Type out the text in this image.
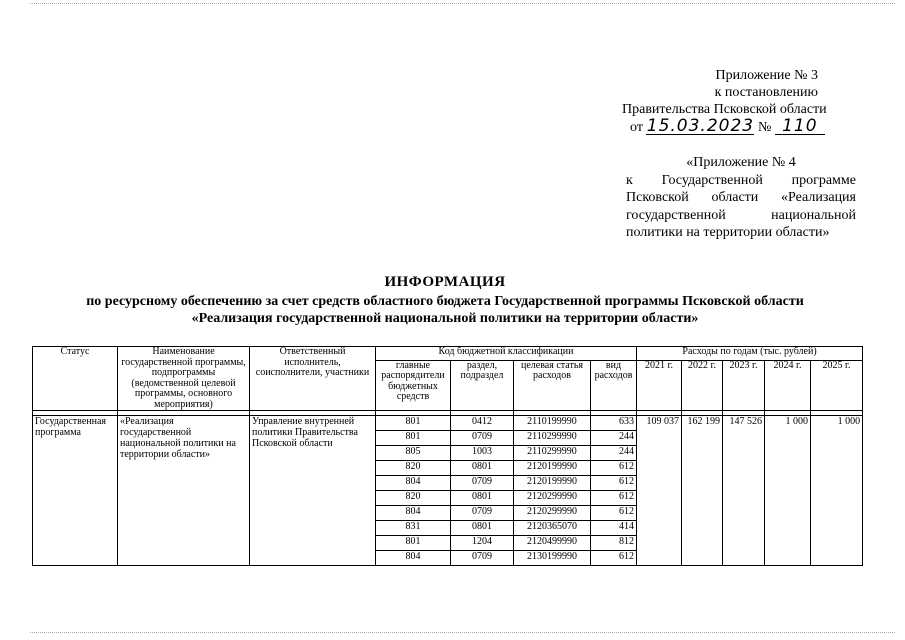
Приложение № 3
к постановлению
Правительства Псковской области
от 15.03.2023 № 110
«Приложение № 4
к Государственной программе Псковской области «Реализация государственной национальной политики на территории области»
ИНФОРМАЦИЯ
по ресурсному обеспечению за счет средств областного бюджета Государственной программы Псковской области
«Реализация государственной национальной политики на территории области»
Статус	Наименование государственной программы, подпрограммы (ведомственной целевой программы, основного мероприятия)	Ответственный исполнитель, соисполнители, участники	Код бюджетной классификации				Расходы по годам (тыс. рублей)				
			главные распорядители бюджетных средств	раздел, подраздел	целевая статья расходов	вид расходов	2021 г.	2022 г.	2023 г.	2024 г.	2025 г.

Государственная программа	«Реализация государственной национальной политики на территории области»	Управление внутренней политики Правительства Псковской области	801	0412	2110199990	633	109 037	162 199	147 526	1 000	1 000
			801	0709	2110299990	244					
			805	1003	2110299990	244					
			820	0801	2120199990	612					
			804	0709	2120199990	612					
			820	0801	2120299990	612					
			804	0709	2120299990	612					
			831	0801	2120365070	414					
			801	1204	2120499990	812					
			804	0709	2130199990	612					
